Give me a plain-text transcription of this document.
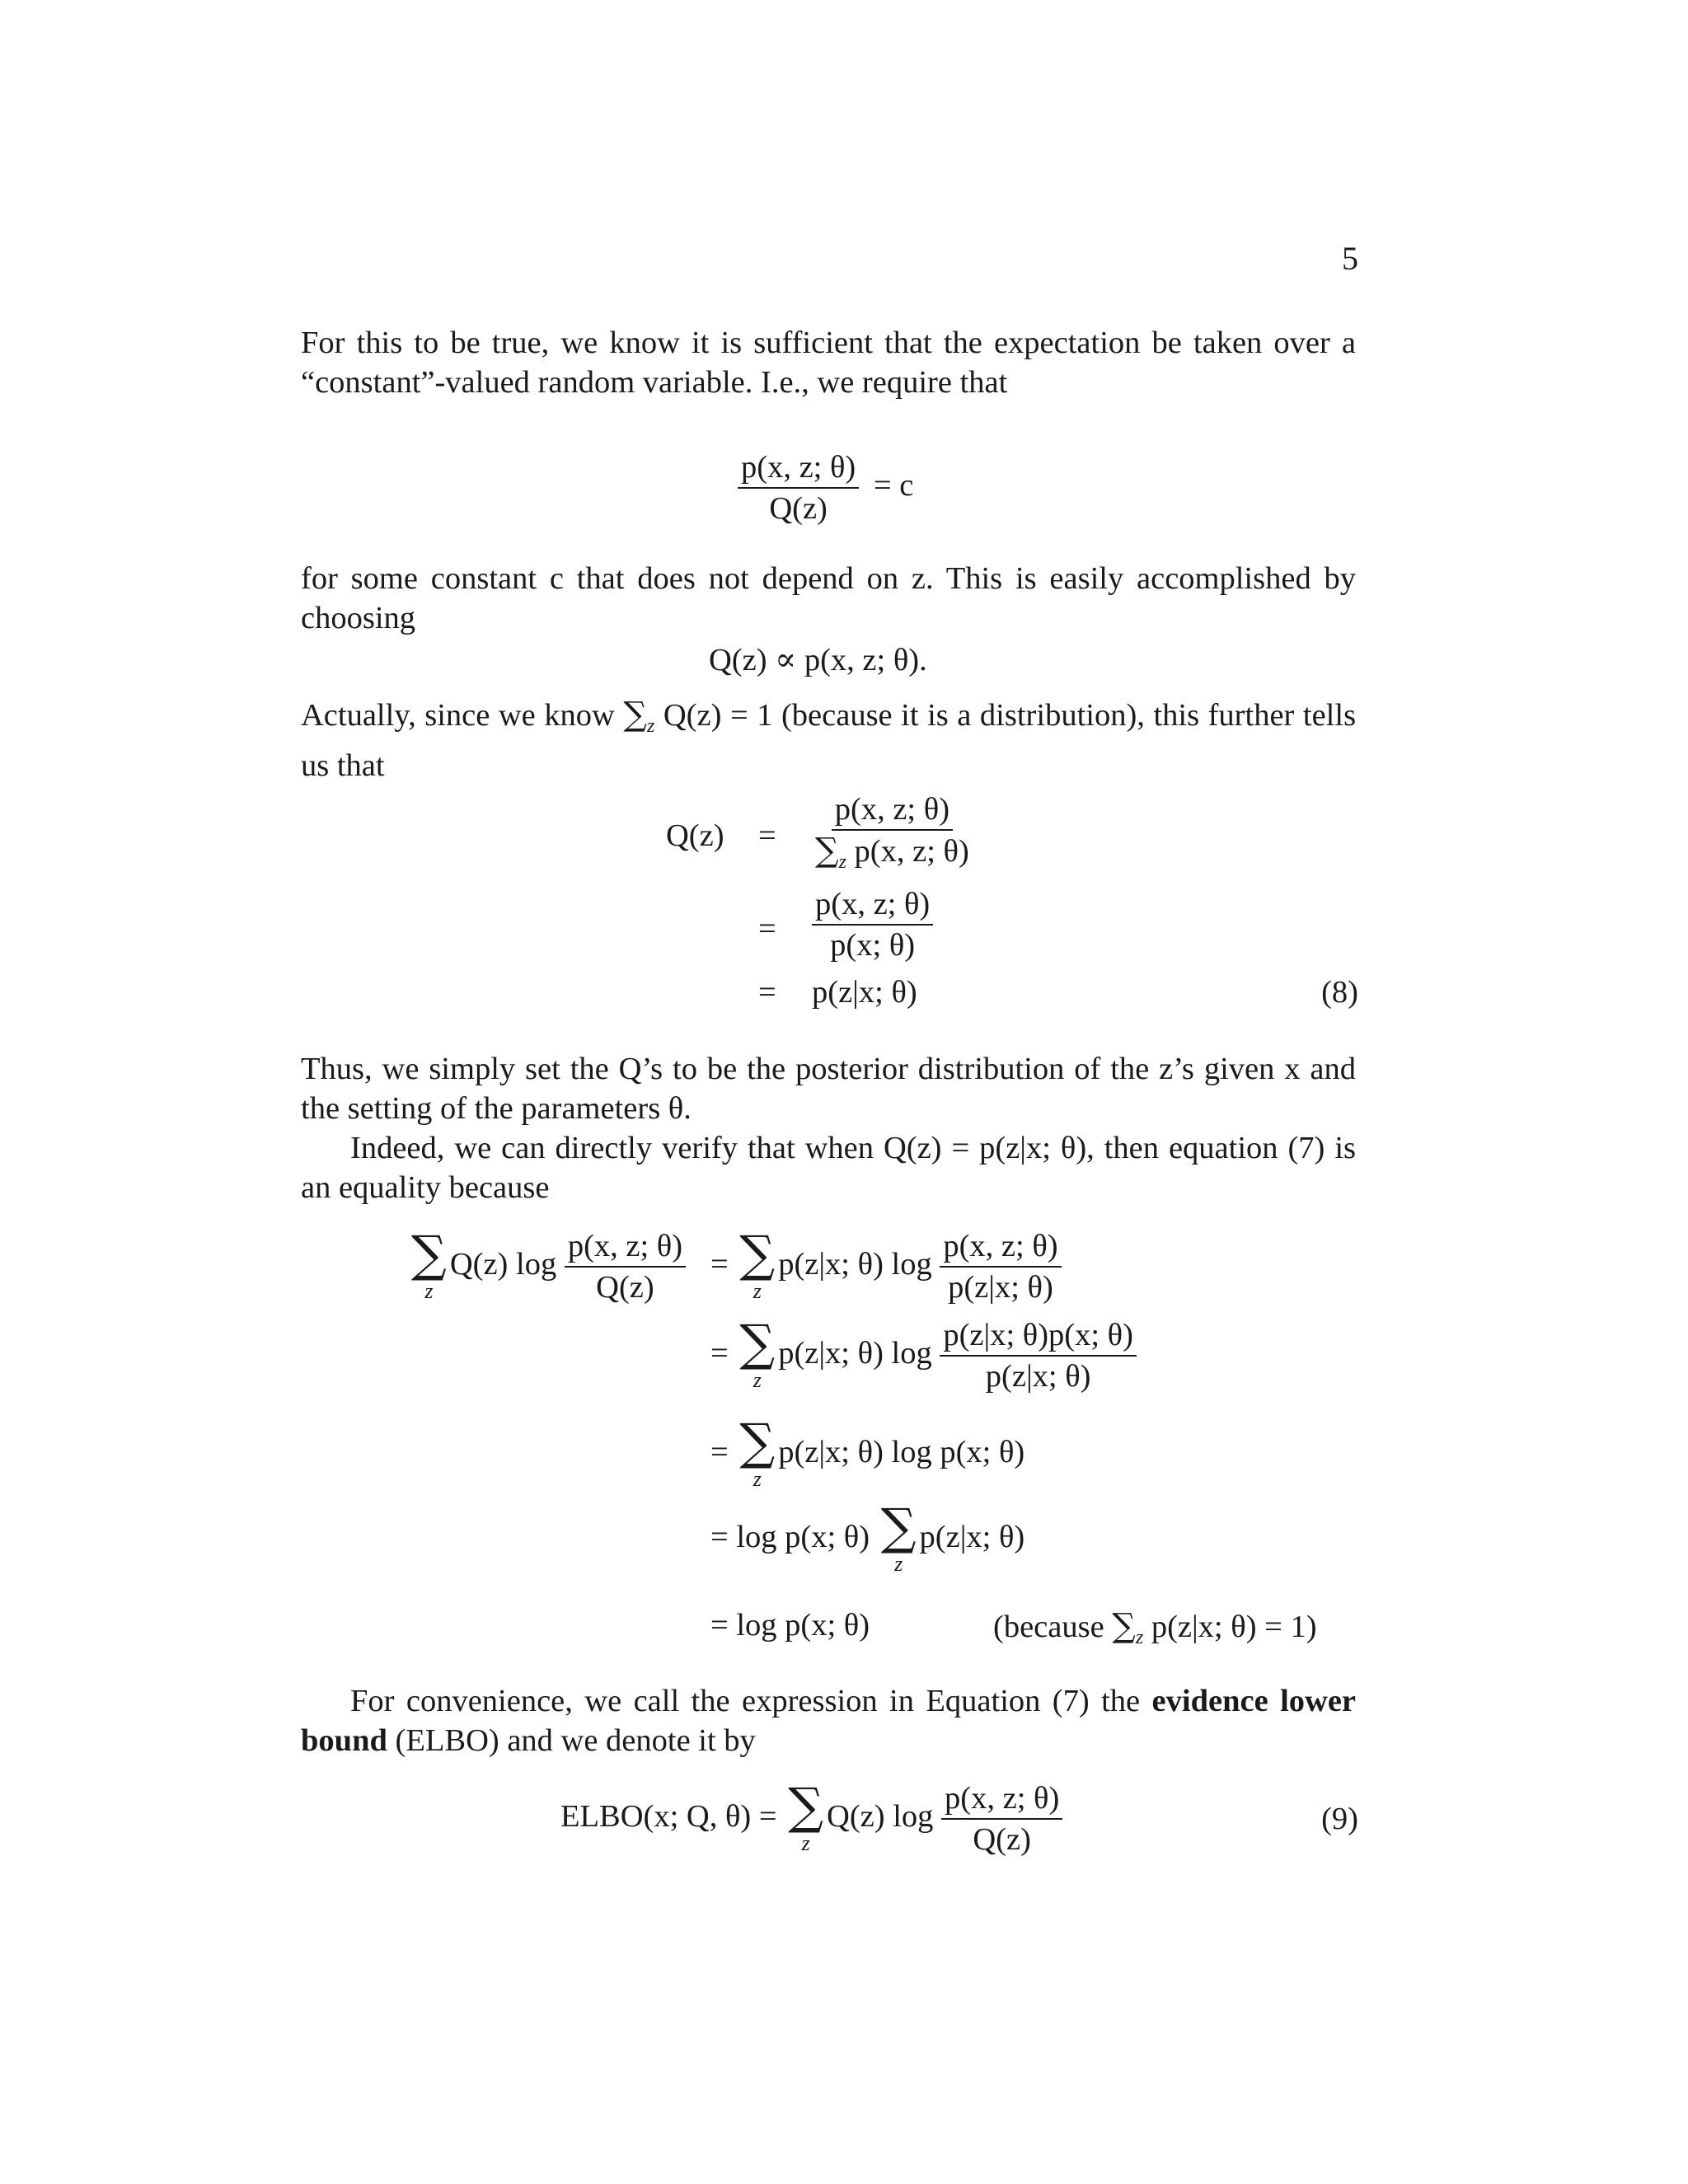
5

For this to be true, we know it is sufficient that the expectation be taken over a “constant”-valued random variable. I.e., we require that

$\frac{p(x, z; \theta)}{Q(z)} = c$

for some constant c that does not depend on z. This is easily accomplished by choosing

Q(z) ∝ p(x, z; θ).

Actually, since we know $\sum_z$ Q(z) = 1 (because it is a distribution), this further tells us that

$Q(z) = \frac{p(x, z; \theta)}{\sum_z p(x, z; \theta)}$
= $\frac{p(x, z; \theta)}{p(x; \theta)}$
= p(z|x; θ)	(8)

Thus, we simply set the Q’s to be the posterior distribution of the z’s given x and the setting of the parameters θ.

Indeed, we can directly verify that when Q(z) = p(z|x; θ), then equation (7) is an equality because

∑
z
Q(z) $\log \frac{p(x, z; \theta)}{Q(z)}$ = ∑
z
p(z|x; θ) $\log \frac{p(x, z; \theta)}{p(z|x; \theta)}$
= ∑
z
p(z|x; θ) $\log \frac{p(z|x; \theta)p(x; \theta)}{p(z|x; \theta)}$
= ∑
z
p(z|x; θ) log p(x; θ)
= log p(x; θ) ∑
z
p(z|x; θ)
= log p(x; θ)	(because $\sum_z$ p(z|x; θ) = 1)

For convenience, we call the expression in Equation (7) the evidence lower bound (ELBO) and we denote it by

ELBO(x; Q, θ) = ∑
z
Q(z) $\log \frac{p(x, z; \theta)}{Q(z)}$	(9)
